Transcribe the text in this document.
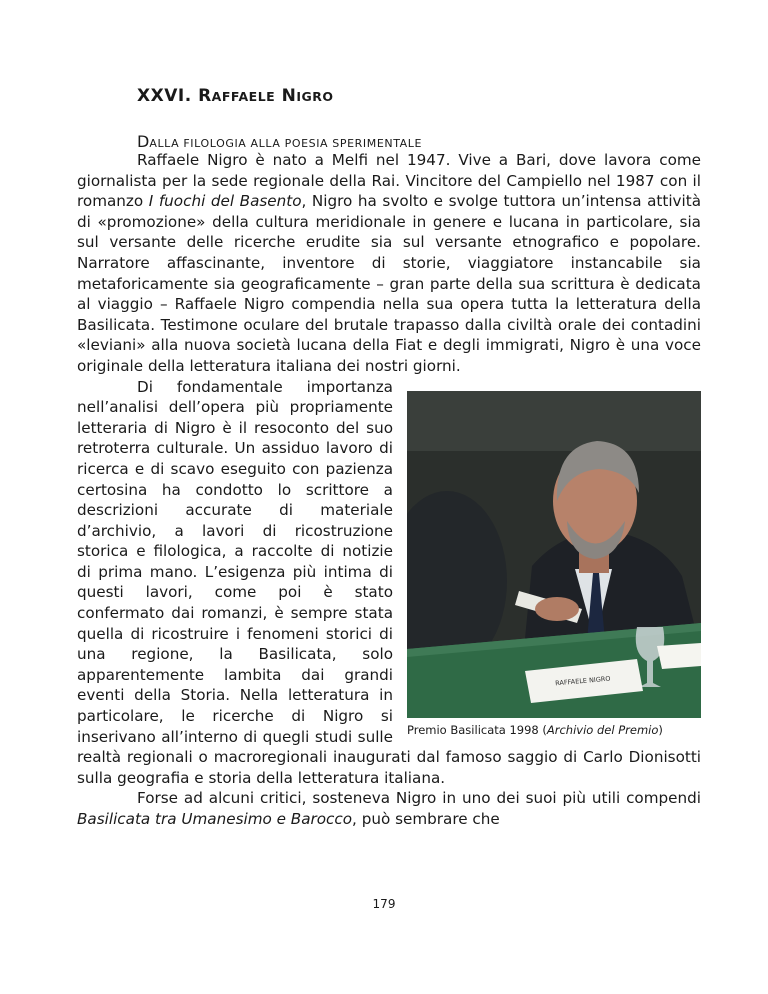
XXVI. RAFFAELE NIGRO
DALLA FILOLOGIA ALLA POESIA SPERIMENTALE

Raffaele Nigro è nato a Melfi nel 1947. Vive a Bari, dove lavora come giornalista per la sede regionale della Rai. Vincitore del Campiello nel 1987 con il romanzo I fuochi del Basento, Nigro ha svolto e svolge tuttora un’intensa attività di «promozione» della cultura meridionale in genere e lucana in particolare, sia sul versante delle ricerche erudite sia sul versante etnografico e popolare. Narratore affascinante, inventore di storie, viaggiatore instancabile sia metaforicamente sia geograficamente – gran parte della sua scrittura è dedicata al viaggio – Raffaele Nigro compendia nella sua opera tutta la letteratura della Basilicata. Testimone oculare del brutale trapasso dalla civiltà orale dei contadini «leviani» alla nuova società lucana della Fiat e degli immigrati, Nigro è una voce originale della letteratura italiana dei nostri giorni.

RAFFAELE NIGRO
Premio Basilicata 1998 (Archivio del Premio)

Di fondamentale importanza nell’analisi dell’opera più propriamente letteraria di Nigro è il resoconto del suo retroterra culturale. Un assiduo lavoro di ricerca e di scavo eseguito con pazienza certosina ha condotto lo scrittore a descrizioni accurate di materiale d’archivio, a lavori di ricostruzione storica e filologica, a raccolte di notizie di prima mano. L’esigenza più intima di questi lavori, come poi è stato confermato dai romanzi, è sempre stata quella di ricostruire i fenomeni storici di una regione, la Basilicata, solo apparentemente lambita dai grandi eventi della Storia. Nella letteratura in particolare, le ricerche di Nigro si inserivano all’interno di quegli studi sulle realtà regionali o macroregionali inaugurati dal famoso saggio di Carlo Dionisotti sulla geografia e storia della letteratura italiana.

Forse ad alcuni critici, sosteneva Nigro in uno dei suoi più utili compendi Basilicata tra Umanesimo e Barocco, può sembrare che

179
